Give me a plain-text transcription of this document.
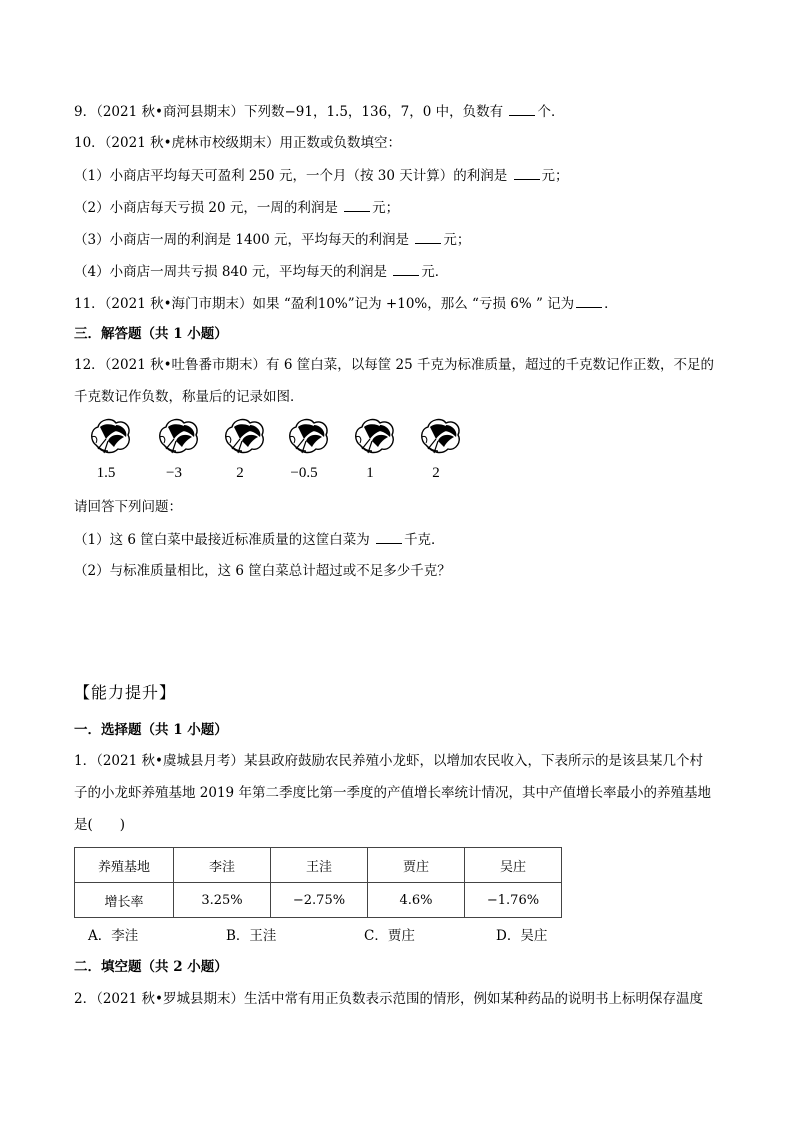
9．（2021 秋•商河县期末）下列数−91，1.5，136，7，0 中，负数有	个．
10．（2021 秋•虎林市校级期末）用正数或负数填空：
（1）小商店平均每天可盈利 250 元，一个月（按 30 天计算）的利润是	元；
（2）小商店每天亏损 20 元，一周的利润是	元；
（3）小商店一周的利润是 1400 元，平均每天的利润是	元；
（4）小商店一周共亏损 840 元，平均每天的利润是	元．
11．（2021 秋•海门市期末）如果 “盈利10%”记为 +10%，那么 “亏损 6% ” 记为 ．
三．解答题（共 1 小题）
12．（2021 秋•吐鲁番市期末）有 6 筐白菜，以每筐 25 千克为标准质量，超过的千克数记作正数，不足的
千克数记作负数，称量后的记录如图．
1.5	−3	2	−0.5	1	2
请回答下列问题：
（1）这 6 筐白菜中最接近标准质量的这筐白菜为	千克．
（2）与标准质量相比，这 6 筐白菜总计超过或不足多少千克？
【能力提升】
一．选择题（共 1 小题）
1．（2021 秋•虞城县月考）某县政府鼓励农民养殖小龙虾，以增加农民收入，下表所示的是该县某几个村
子的小龙虾养殖基地 2019 年第二季度比第一季度的产值增长率统计情况，其中产值增长率最小的养殖基地
是(　　)
养殖基地	李洼	王洼	贾庄	吴庄
增长率	3.25%	−2.75%	4.6%	−1.76%
A．李洼	B．王洼	C．贾庄	D．吴庄
二．填空题（共 2 小题）
2．（2021 秋•罗城县期末）生活中常有用正负数表示范围的情形，例如某种药品的说明书上标明保存温度
